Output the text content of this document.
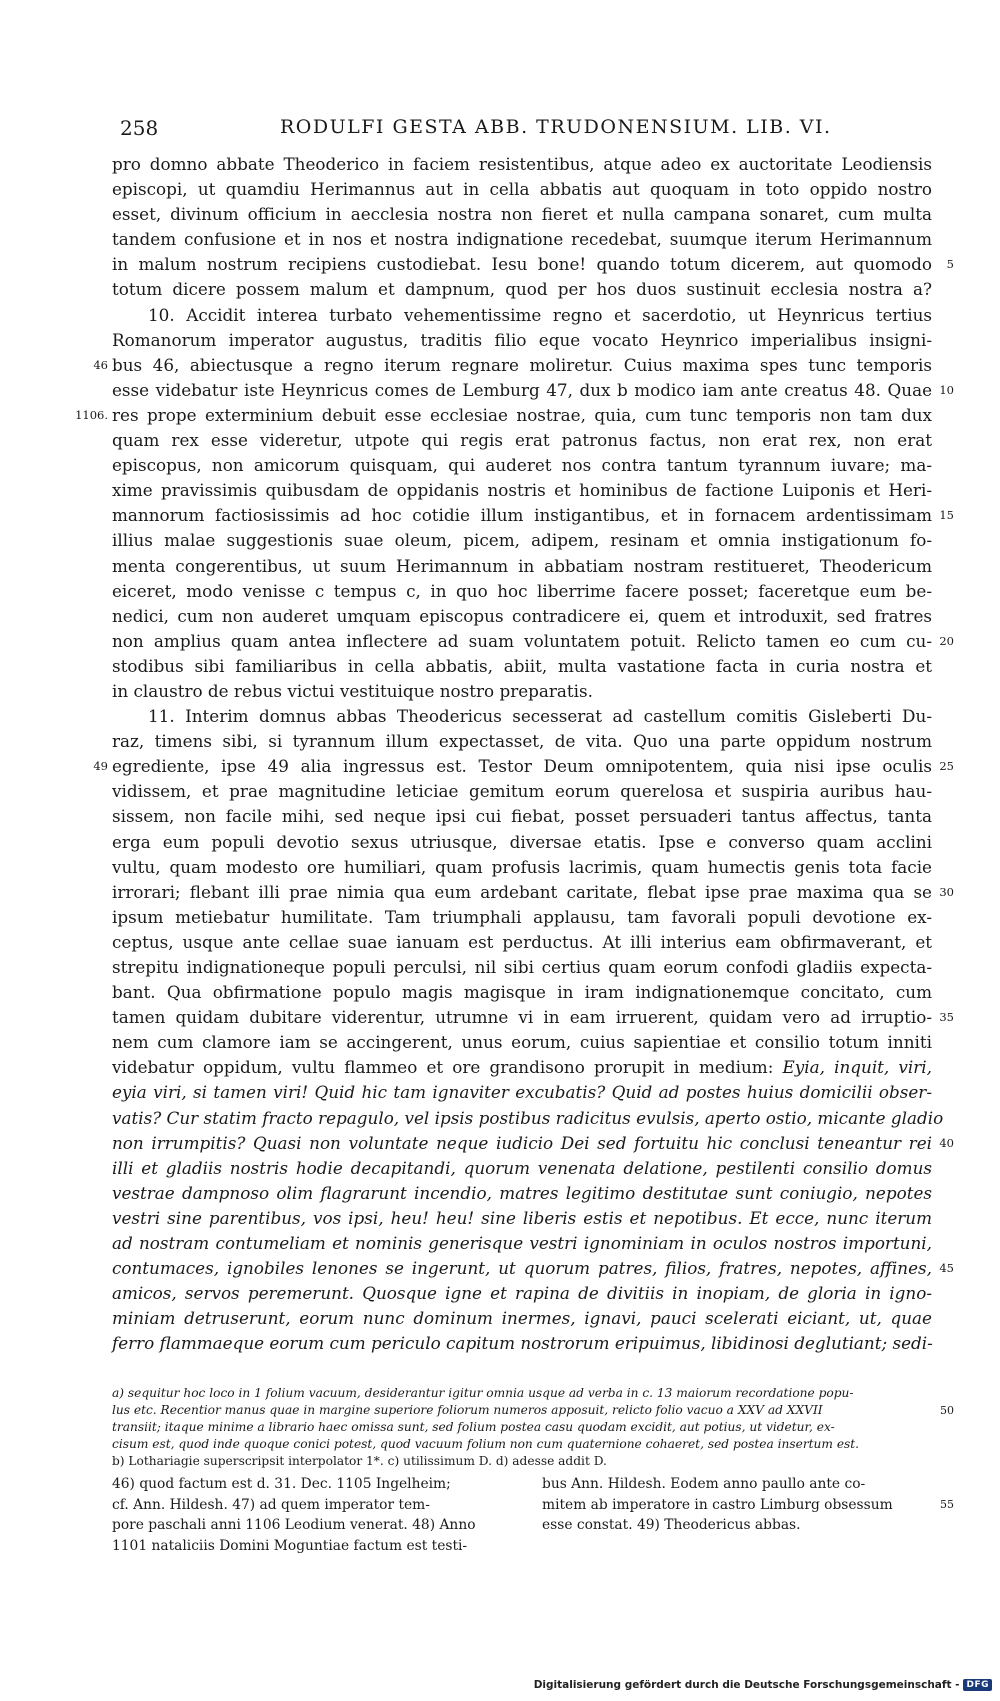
258	RODULFI GESTA ABB. TRUDONENSIUM. LIB. VI.
pro domno abbate Theoderico in faciem resistentibus, atque adeo ex auctoritate Leodiensis
episcopi, ut quamdiu Herimannus aut in cella abbatis aut quoquam in toto oppido nostro
esset, divinum officium in aecclesia nostra non fieret et nulla campana sonaret, cum multa
tandem confusione et in nos et nostra indignatione recedebat, suumque iterum Herimannum
in malum nostrum recipiens custodiebat. Iesu bone! quando totum dicerem, aut quomodo 5
totum dicere possem malum et dampnum, quod per hos duos sustinuit ecclesia nostra a?
10. Accidit interea turbato vehementissime regno et sacerdotio, ut Heynricus tertius
Romanorum imperator augustus, traditis filio eque vocato Heynrico imperialibus insigni-
bus 46, abiectusque a regno iterum regnare moliretur. Cuius maxima spes tunc temporis
46
esse videbatur iste Heynricus comes de Lemburg 47, dux b modico iam ante creatus 48. Quae 10
res prope exterminium debuit esse ecclesiae nostrae, quia, cum tunc temporis non tam dux
1106.
quam rex esse videretur, utpote qui regis erat patronus factus, non erat rex, non erat
episcopus, non amicorum quisquam, qui auderet nos contra tantum tyrannum iuvare; ma-
xime pravissimis quibusdam de oppidanis nostris et hominibus de factione Luiponis et Heri-
mannorum factiosissimis ad hoc cotidie illum instigantibus, et in fornacem ardentissimam 15
illius malae suggestionis suae oleum, picem, adipem, resinam et omnia instigationum fo-
menta congerentibus, ut suum Herimannum in abbatiam nostram restitueret, Theodericum
eiceret, modo venisse c tempus c, in quo hoc liberrime facere posset; faceretque eum be-
nedici, cum non auderet umquam episcopus contradicere ei, quem et introduxit, sed fratres
non amplius quam antea inflectere ad suam voluntatem potuit. Relicto tamen eo cum cu- 20
stodibus sibi familiaribus in cella abbatis, abiit, multa vastatione facta in curia nostra et
in claustro de rebus victui vestituique nostro preparatis.
11. Interim domnus abbas Theodericus secesserat ad castellum comitis Gisleberti Du-
raz, timens sibi, si tyrannum illum expectasset, de vita. Quo una parte oppidum nostrum
egrediente, ipse 49 alia ingressus est. Testor Deum omnipotentem, quia nisi ipse oculis 25
49
vidissem, et prae magnitudine leticiae gemitum eorum querelosa et suspiria auribus hau-
sissem, non facile mihi, sed neque ipsi cui fiebat, posset persuaderi tantus affectus, tanta
erga eum populi devotio sexus utriusque, diversae etatis. Ipse e converso quam acclini
vultu, quam modesto ore humiliari, quam profusis lacrimis, quam humectis genis tota facie
irrorari; flebant illi prae nimia qua eum ardebant caritate, flebat ipse prae maxima qua se 30
ipsum metiebatur humilitate. Tam triumphali applausu, tam favorali populi devotione ex-
ceptus, usque ante cellae suae ianuam est perductus. At illi interius eam obfirmaverant, et
strepitu indignationeque populi perculsi, nil sibi certius quam eorum confodi gladiis expecta-
bant. Qua obfirmatione populo magis magisque in iram indignationemque concitato, cum
tamen quidam dubitare viderentur, utrumne vi in eam irruerent, quidam vero ad irruptio- 35
nem cum clamore iam se accingerent, unus eorum, cuius sapientiae et consilio totum inniti
videbatur oppidum, vultu flammeo et ore grandisono prorupit in medium: Eyia, inquit, viri,
eyia viri, si tamen viri! Quid hic tam ignaviter excubatis? Quid ad postes huius domicilii obser-
vatis? Cur statim fracto repagulo, vel ipsis postibus radicitus evulsis, aperto ostio, micante gladio
non irrumpitis? Quasi non voluntate neque iudicio Dei sed fortuitu hic conclusi teneantur rei 40
illi et gladiis nostris hodie decapitandi, quorum venenata delatione, pestilenti consilio domus
vestrae dampnoso olim flagrarunt incendio, matres legitimo destitutae sunt coniugio, nepotes
vestri sine parentibus, vos ipsi, heu! heu! sine liberis estis et nepotibus. Et ecce, nunc iterum
ad nostram contumeliam et nominis generisque vestri ignominiam in oculos nostros importuni,
contumaces, ignobiles lenones se ingerunt, ut quorum patres, filios, fratres, nepotes, affines, 45
amicos, servos peremerunt. Quosque igne et rapina de divitiis in inopiam, de gloria in igno-
miniam detruserunt, eorum nunc dominum inermes, ignavi, pauci scelerati eiciant, ut, quae
ferro flammaeque eorum cum periculo capitum nostrorum eripuimus, libidinosi deglutiant; sedi-
a) sequitur hoc loco in 1 folium vacuum, desiderantur igitur omnia usque ad verba in c. 13 maiorum recordatione popu-
lus etc. Recentior manus quae in margine superiore foliorum numeros apposuit, relicto folio vacuo a XXV ad XXVII	50
transiit; itaque minime a librario haec omissa sunt, sed folium postea casu quodam excidit, aut potius, ut videtur, ex-
cisum est, quod inde quoque conici potest, quod vacuum folium non cum quaternione cohaeret, sed postea insertum est.
b) Lothariagie superscripsit interpolator 1*. c) utilissimum D. d) adesse addit D.
46) quod factum est d. 31. Dec. 1105 Ingelheim;
cf. Ann. Hildesh. 47) ad quem imperator tem-
pore paschali anni 1106 Leodium venerat. 48) Anno
1101 nataliciis Domini Moguntiae factum est testi-
bus Ann. Hildesh. Eodem anno paullo ante co-
mitem ab imperatore in castro Limburg obsessum	55
esse constat. 49) Theodericus abbas.
Digitalisierung gefördert durch die Deutsche Forschungsgemeinschaft - DFG
